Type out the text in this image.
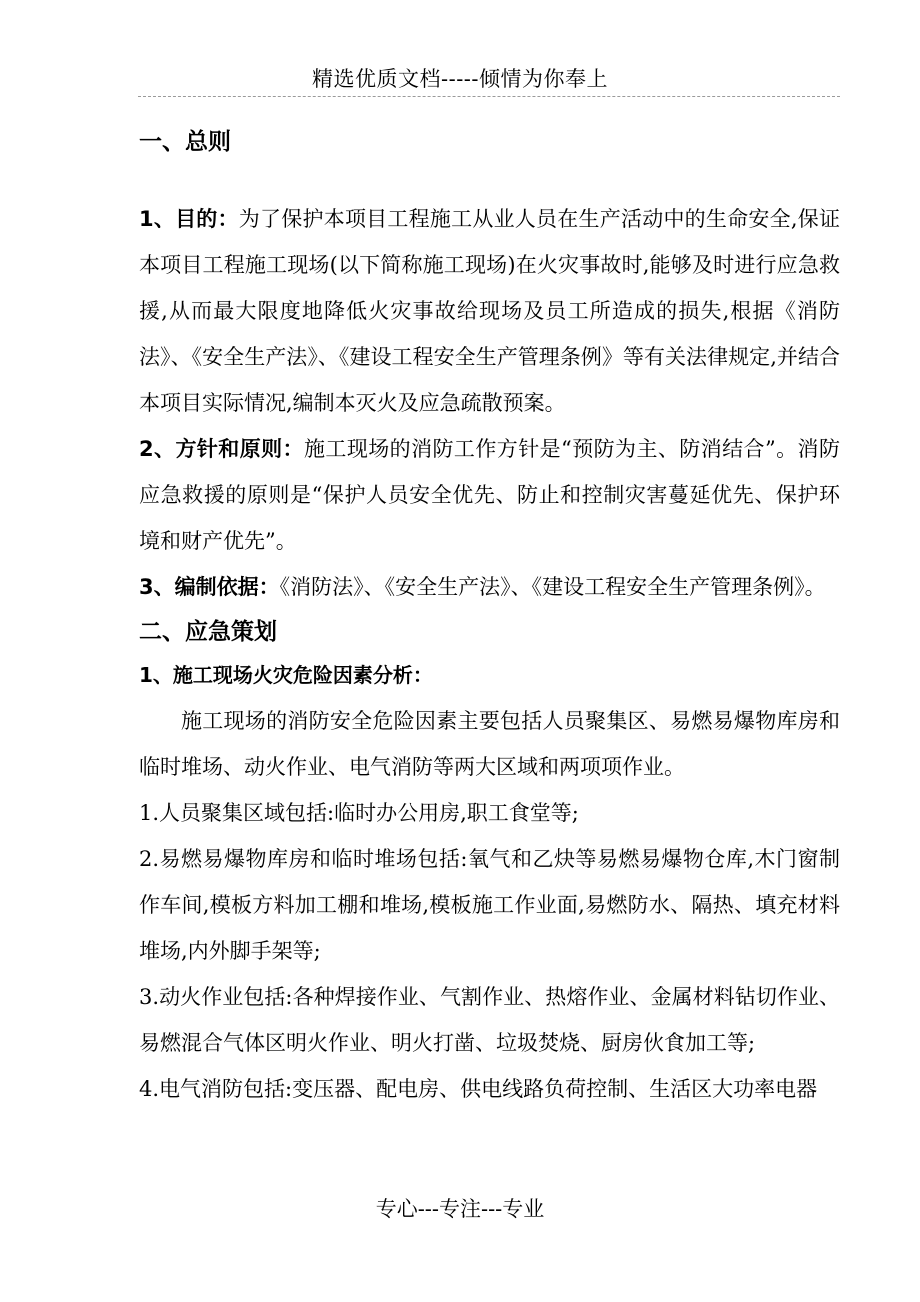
精选优质文档-----倾情为你奉上
一、总则

1、目的：为了保护本项目工程施工从业人员在生产活动中的生命安全,保证本项目工程施工现场(以下简称施工现场)在火灾事故时,能够及时进行应急救援,从而最大限度地降低火灾事故给现场及员工所造成的损失,根据《消防法》、《安全生产法》、《建设工程安全生产管理条例》等有关法律规定,并结合本项目实际情况,编制本灭火及应急疏散预案。

2、方针和原则：施工现场的消防工作方针是“预防为主、防消结合”。消防应急救援的原则是“保护人员安全优先、防止和控制灾害蔓延优先、保护环境和财产优先”。

3、编制依据：《消防法》、《安全生产法》、《建设工程安全生产管理条例》。

二、应急策划

1、施工现场火灾危险因素分析：

施工现场的消防安全危险因素主要包括人员聚集区、易燃易爆物库房和临时堆场、动火作业、电气消防等两大区域和两项项作业。

1.人员聚集区域包括:临时办公用房,职工食堂等;

2.易燃易爆物库房和临时堆场包括:氧气和乙炔等易燃易爆物仓库,木门窗制作车间,模板方料加工棚和堆场,模板施工作业面,易燃防水、隔热、填充材料堆场,内外脚手架等;

3.动火作业包括:各种焊接作业、气割作业、热熔作业、金属材料钻切作业、易燃混合气体区明火作业、明火打凿、垃圾焚烧、厨房伙食加工等;

4.电气消防包括:变压器、配电房、供电线路负荷控制、生活区大功率电器

专心---专注---专业
